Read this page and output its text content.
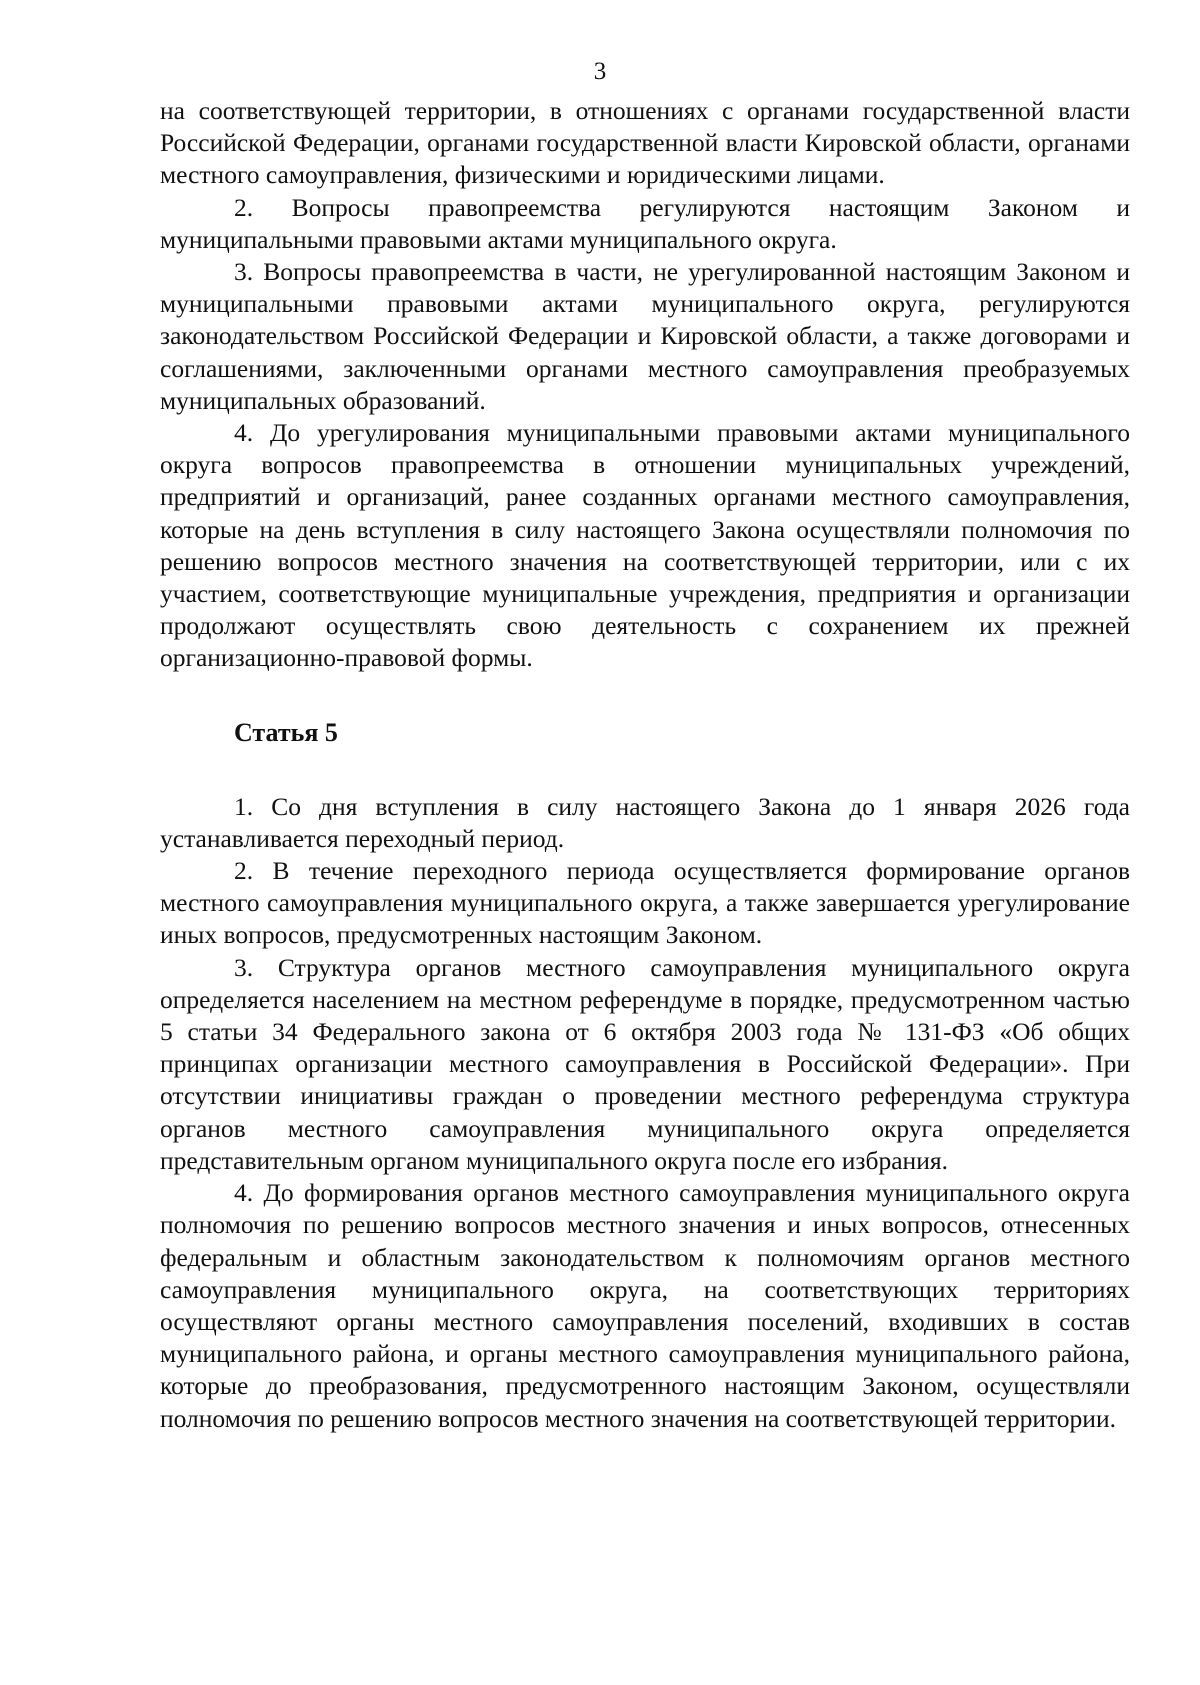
3

на соответствующей территории, в отношениях с органами государственной власти Российской Федерации, органами государственной власти Кировской области, органами местного самоуправления, физическими и юридическими лицами.

2. Вопросы правопреемства регулируются настоящим Законом и муниципальными правовыми актами муниципального округа.

3. Вопросы правопреемства в части, не урегулированной настоящим Законом и муниципальными правовыми актами муниципального округа, регулируются законодательством Российской Федерации и Кировской области, а также договорами и соглашениями, заключенными органами местного самоуправления преобразуемых муниципальных образований.

4. До урегулирования муниципальными правовыми актами муниципального округа вопросов правопреемства в отношении муниципальных учреждений, предприятий и организаций, ранее созданных органами местного самоуправления, которые на день вступления в силу настоящего Закона осуществляли полномочия по решению вопросов местного значения на соответствующей территории, или с их участием, соответствующие муниципальные учреждения, предприятия и организации продолжают осуществлять свою деятельность с сохранением их прежней организационно-правовой формы.

Статья 5

1. Со дня вступления в силу настоящего Закона до 1 января 2026 года устанавливается переходный период.

2. В течение переходного периода осуществляется формирование органов местного самоуправления муниципального округа, а также завершается урегулирование иных вопросов, предусмотренных настоящим Законом.

3. Структура органов местного самоуправления муниципального округа определяется населением на местном референдуме в порядке, предусмотренном частью 5 статьи 34 Федерального закона от 6 октября 2003 года № 131-ФЗ «Об общих принципах организации местного самоуправления в Российской Федерации». При отсутствии инициативы граждан о проведении местного референдума структура органов местного самоуправления муниципального округа определяется представительным органом муниципального округа после его избрания.

4. До формирования органов местного самоуправления муниципального округа полномочия по решению вопросов местного значения и иных вопросов, отнесенных федеральным и областным законодательством к полномочиям органов местного самоуправления муниципального округа, на соответствующих территориях осуществляют органы местного самоуправления поселений, входивших в состав муниципального района, и органы местного самоуправления муниципального района, которые до преобразования, предусмотренного настоящим Законом, осуществляли полномочия по решению вопросов местного значения на соответствующей территории.
